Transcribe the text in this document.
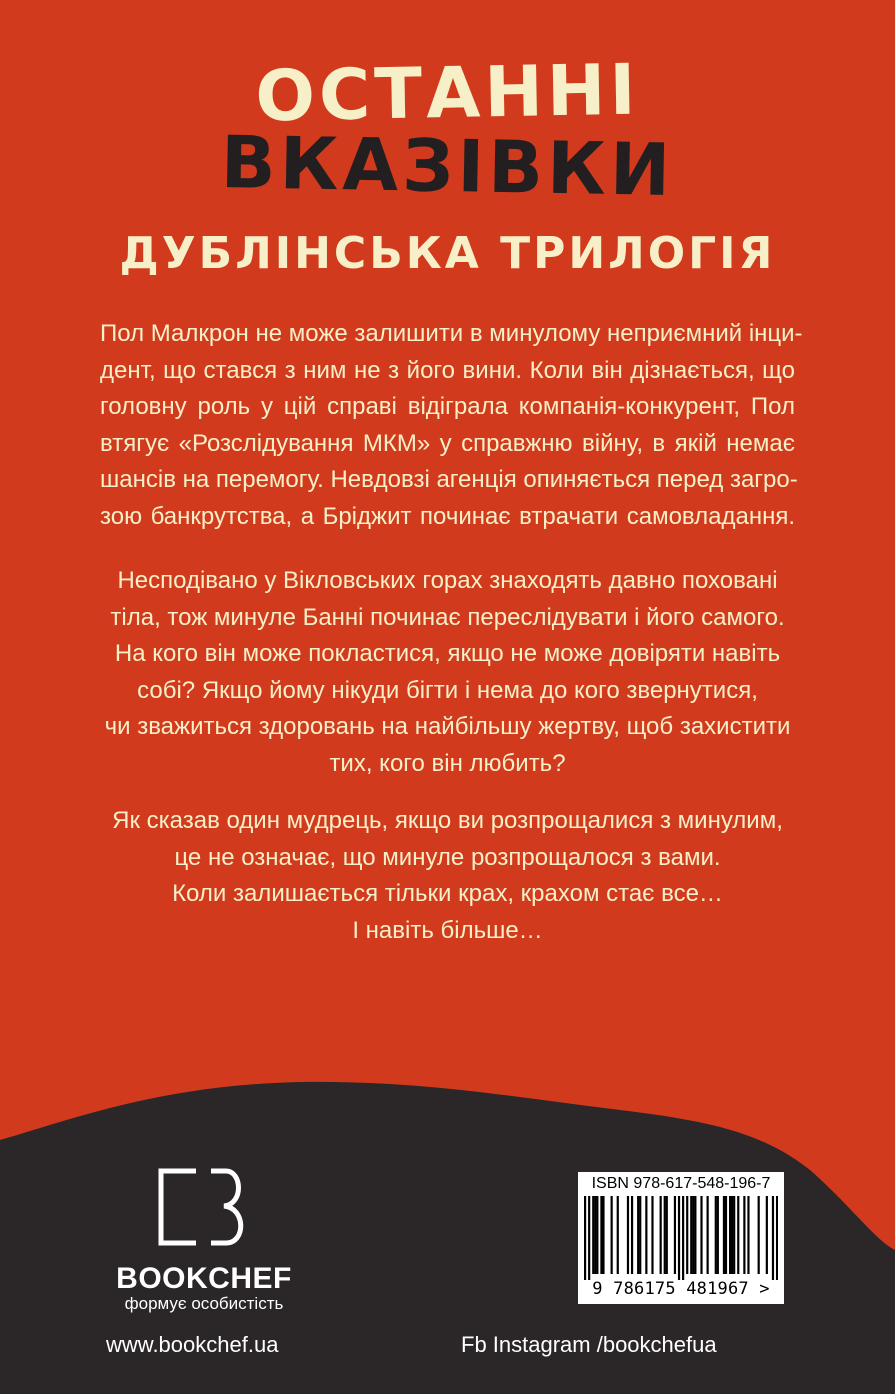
ОСТАННІ
ВКАЗІВКИ
ДУБЛІНСЬКА ТРИЛОГІЯ
Пол Малкрон не може залишити в минулому неприємний інци-
дент, що стався з ним не з його вини. Коли він дізнається, що
головну роль у цій справі відіграла компанія-конкурент, Пол
втягує «Розслідування МКМ» у справжню війну, в якій немає
шансів на перемогу. Невдовзі агенція опиняється перед загро-
зою банкрутства, а Бріджит починає втрачати самовладання.
Несподівано у Вікловських горах знаходять давно поховані
тіла, тож минуле Банні починає переслідувати і його самого.
На кого він може покластися, якщо не може довіряти навіть
собі? Якщо йому нікуди бігти і нема до кого звернутися,
чи зважиться здоровань на найбільшу жертву, щоб захистити
тих, кого він любить?
Як сказав один мудрець, якщо ви розпрощалися з минулим,
це не означає, що минуле розпрощалося з вами.
Коли залишається тільки крах, крахом стає все…
І навіть більше…

BOOKCHEF

формує особистість

www.bookchef.ua	Fb Instagram /bookchefua

ISBN 978-617-548-196-7

9 786175 481967 >
